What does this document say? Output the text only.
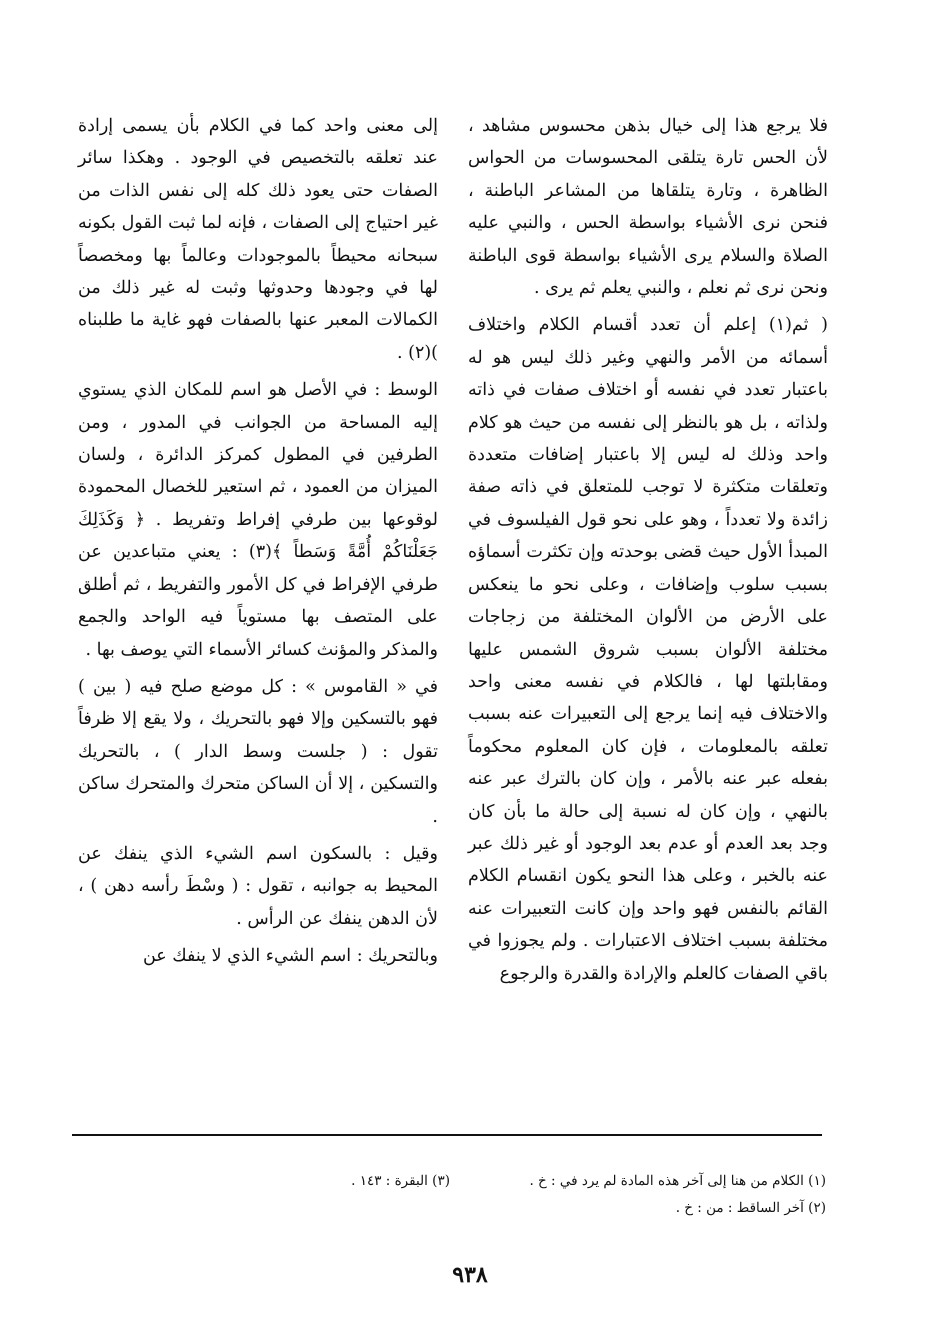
فلا يرجع هذا إلى خيال بذهن محسوس مشاهد ، لأن الحس تارة يتلقى المحسوسات من الحواس الظاهرة ، وتارة يتلقاها من المشاعر الباطنة ، فنحن نرى الأشياء بواسطة الحس ، والنبي عليه الصلاة والسلام يرى الأشياء بواسطة قوى الباطنة ونحن نرى ثم نعلم ، والنبي يعلم ثم يرى .

( ثم(١) إعلم أن تعدد أقسام الكلام واختلاف أسمائه من الأمر والنهي وغير ذلك ليس هو له باعتبار تعدد في نفسه أو اختلاف صفات في ذاته ولذاته ، بل هو بالنظر إلى نفسه من حيث هو كلام واحد وذلك له ليس إلا باعتبار إضافات متعددة وتعلقات متكثرة لا توجب للمتعلق في ذاته صفة زائدة ولا تعدداً ، وهو على نحو قول الفيلسوف في المبدأ الأول حيث قضى بوحدته وإن تكثرت أسماؤه بسبب سلوب وإضافات ، وعلى نحو ما ينعكس على الأرض من الألوان المختلفة من زجاجات مختلفة الألوان بسبب شروق الشمس عليها ومقابلتها لها ، فالكلام في نفسه معنى واحد والاختلاف فيه إنما يرجع إلى التعبيرات عنه بسبب تعلقه بالمعلومات ، فإن كان المعلوم محكوماً بفعله عبر عنه بالأمر ، وإن كان بالترك عبر عنه بالنهي ، وإن كان له نسبة إلى حالة ما بأن كان وجد بعد العدم أو عدم بعد الوجود أو غير ذلك عبر عنه بالخبر ، وعلى هذا النحو يكون انقسام الكلام القائم بالنفس فهو واحد وإن كانت التعبيرات عنه مختلفة بسبب اختلاف الاعتبارات . ولم يجوزوا في باقي الصفات كالعلم والإرادة والقدرة والرجوع

إلى معنى واحد كما في الكلام بأن يسمى إرادة عند تعلقه بالتخصيص في الوجود . وهكذا سائر الصفات حتى يعود ذلك كله إلى نفس الذات من غير احتياج إلى الصفات ، فإنه لما ثبت القول بكونه سبحانه محيطاً بالموجودات وعالماً بها ومخصصاً لها في وجودها وحدوثها وثبت له غير ذلك من الكمالات المعبر عنها بالصفات فهو غاية ما طلبناه )(٢) .

الوسط : في الأصل هو اسم للمكان الذي يستوي إليه المساحة من الجوانب في المدور ، ومن الطرفين في المطول كمركز الدائرة ، ولسان الميزان من العمود ، ثم استعير للخصال المحمودة لوقوعها بين طرفي إفراط وتفريط . ﴿ وَكَذَلِكَ جَعَلْنَاكُمْ أُمَّةً وَسَطاً ﴾(٣) : يعني متباعدين عن طرفي الإفراط في كل الأمور والتفريط ، ثم أطلق على المتصف بها مستوياً فيه الواحد والجمع والمذكر والمؤنث كسائر الأسماء التي يوصف بها .

في « القاموس » : كل موضع صلح فيه ( بين ) فهو بالتسكين وإلا فهو بالتحريك ، ولا يقع إلا ظرفاً تقول : ( جلست وسط الدار ) ، بالتحريك والتسكين ، إلا أن الساكن متحرك والمتحرك ساكن .

وقيل : بالسكون اسم الشيء الذي ينفك عن المحيط به جوانبه ، تقول : ( وسْطَ رأسه دهن ) ، لأن الدهن ينفك عن الرأس .

وبالتحريك : اسم الشيء الذي لا ينفك عن

(١) الكلام من هنا إلى آخر هذه المادة لم يرد في : خ .
(٢) آخر الساقط : من : خ .
(٣) البقرة : ١٤٣ .
٩٣٨
